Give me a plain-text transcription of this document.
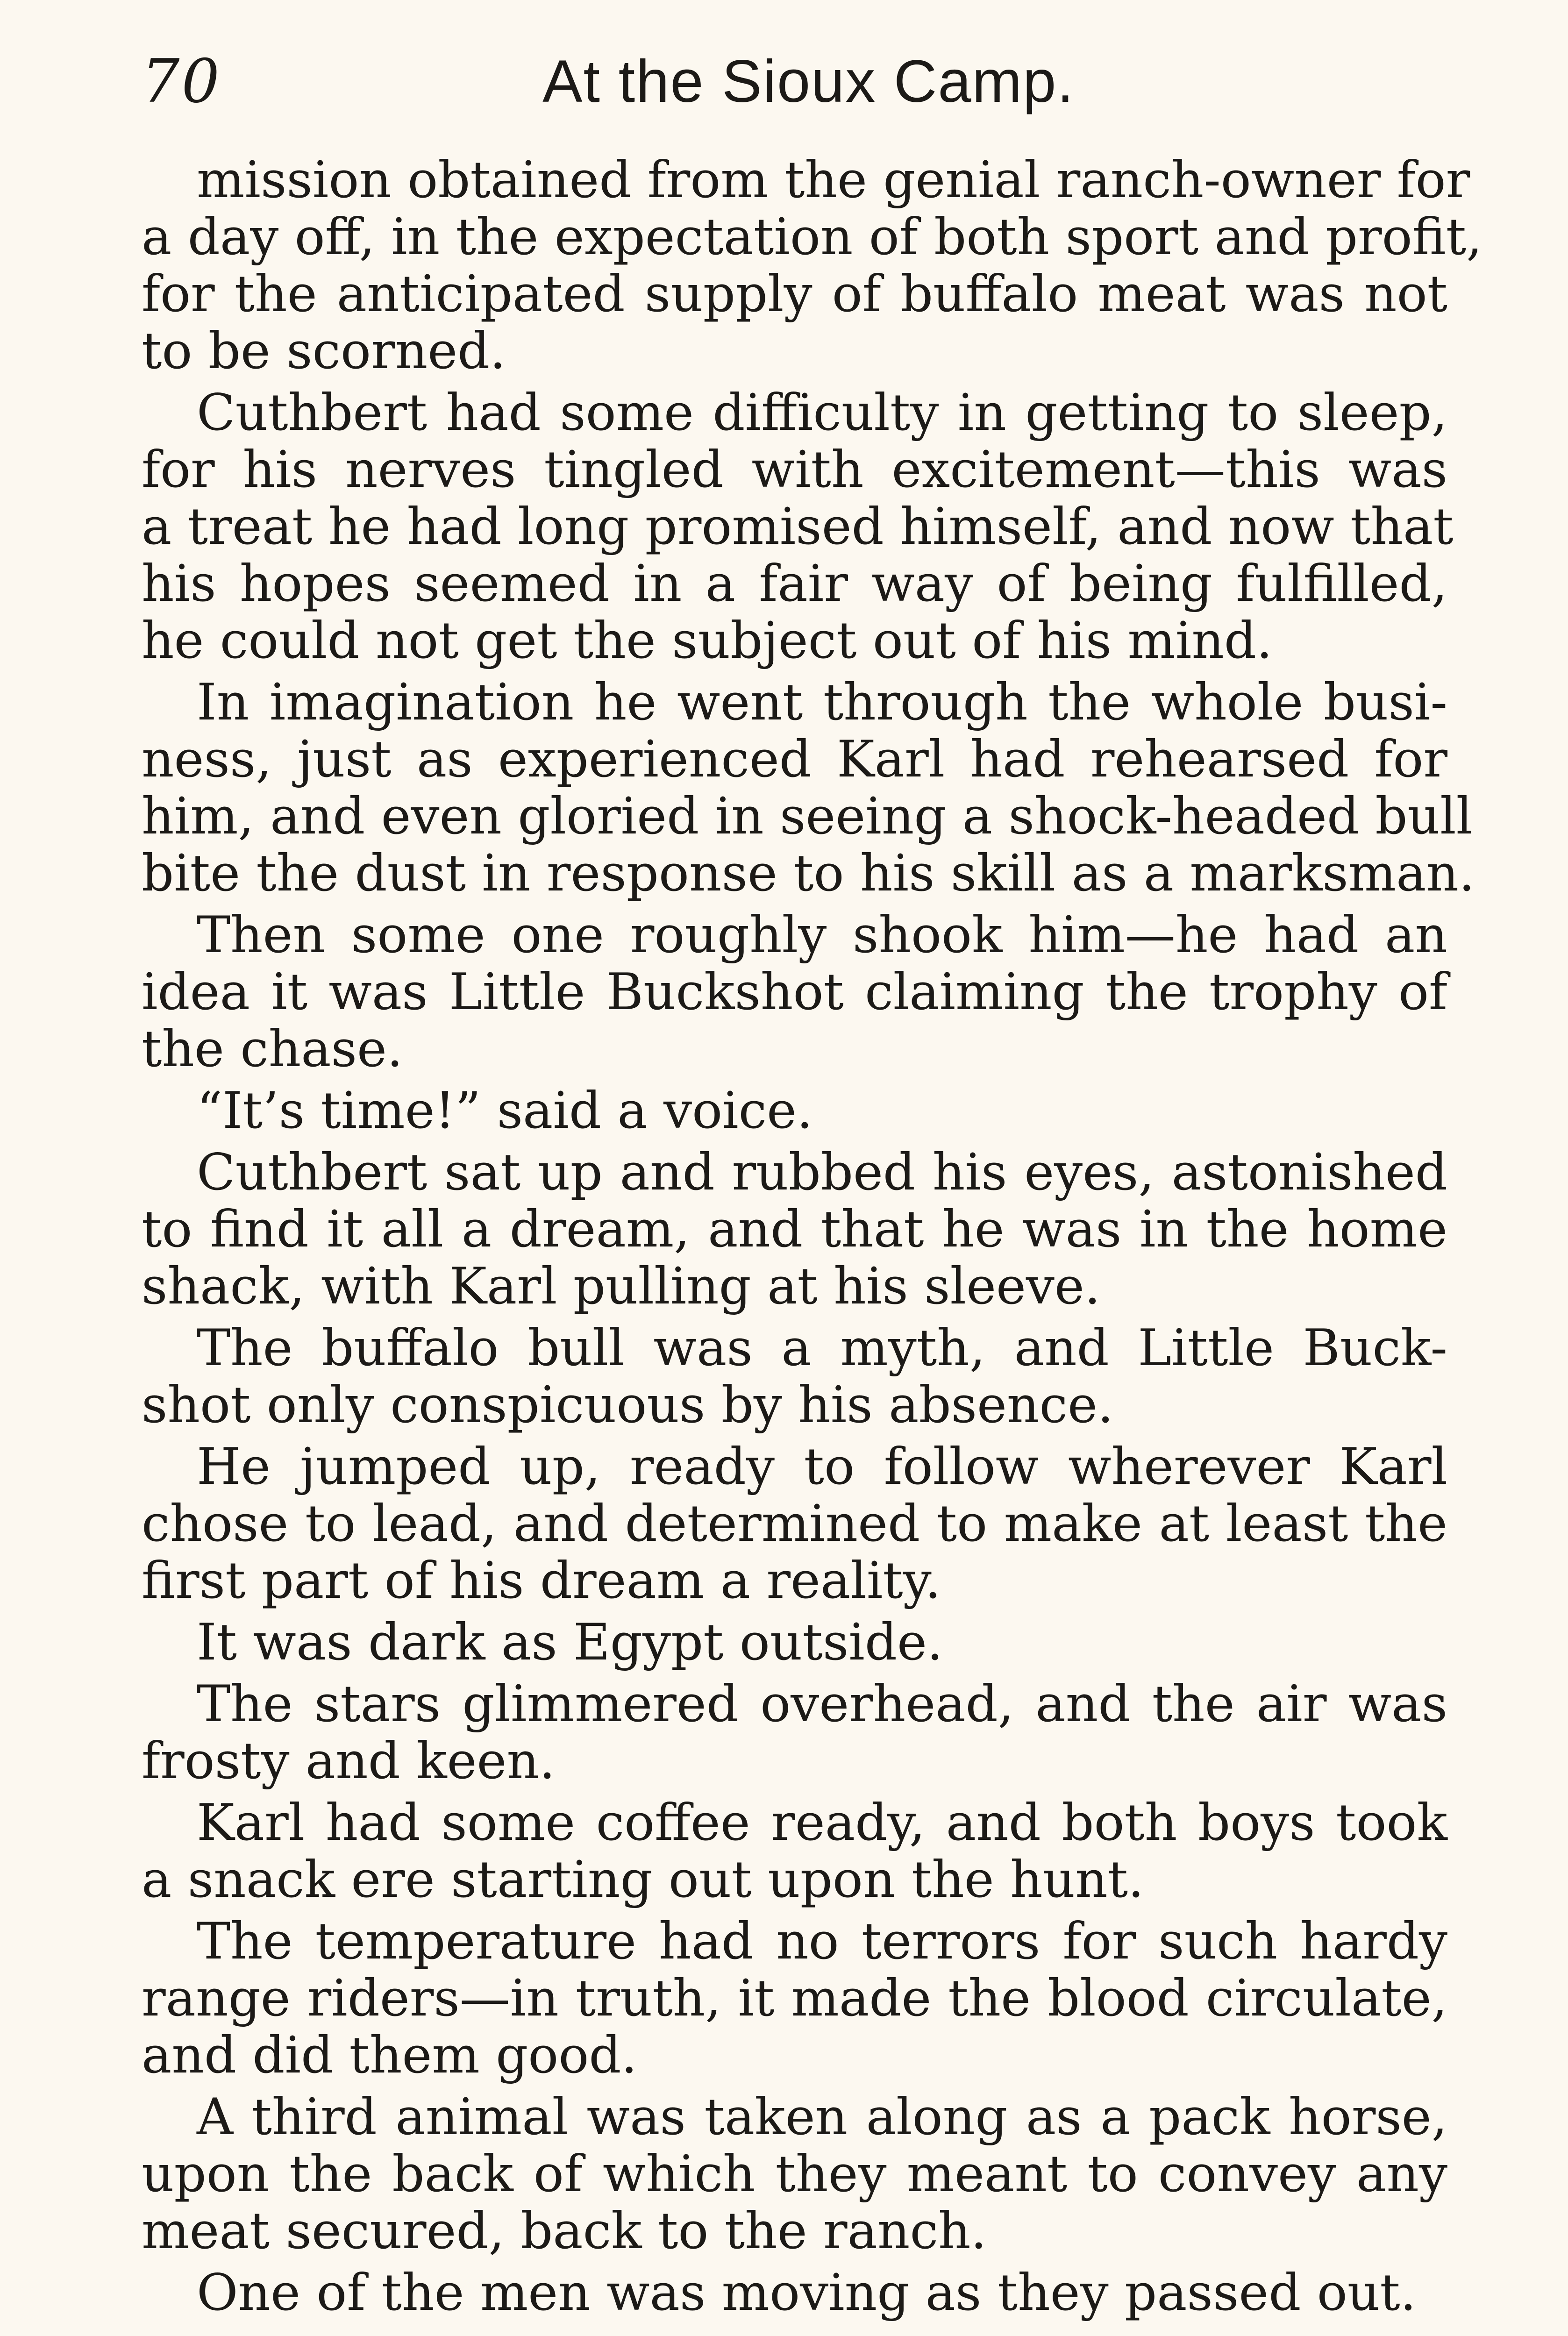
70	At the Sioux Camp.
mission obtained from the genial ranch-owner for
a day off, in the expectation of both sport and profit,
for the anticipated supply of buffalo meat was not
to be scorned.
Cuthbert had some difficulty in getting to sleep,
for his nerves tingled with excitement—this was
a treat he had long promised himself, and now that
his hopes seemed in a fair way of being fulfilled,
he could not get the subject out of his mind.
In imagination he went through the whole busi-
ness, just as experienced Karl had rehearsed for
him, and even gloried in seeing a shock-headed bull
bite the dust in response to his skill as a marksman.
Then some one roughly shook him—he had an
idea it was Little Buckshot claiming the trophy of
the chase.
“It’s time!” said a voice.
Cuthbert sat up and rubbed his eyes, astonished
to find it all a dream, and that he was in the home
shack, with Karl pulling at his sleeve.
The buffalo bull was a myth, and Little Buck-
shot only conspicuous by his absence.
He jumped up, ready to follow wherever Karl
chose to lead, and determined to make at least the
first part of his dream a reality.
It was dark as Egypt outside.
The stars glimmered overhead, and the air was
frosty and keen.
Karl had some coffee ready, and both boys took
a snack ere starting out upon the hunt.
The temperature had no terrors for such hardy
range riders—in truth, it made the blood circulate,
and did them good.
A third animal was taken along as a pack horse,
upon the back of which they meant to convey any
meat secured, back to the ranch.
One of the men was moving as they passed out.
